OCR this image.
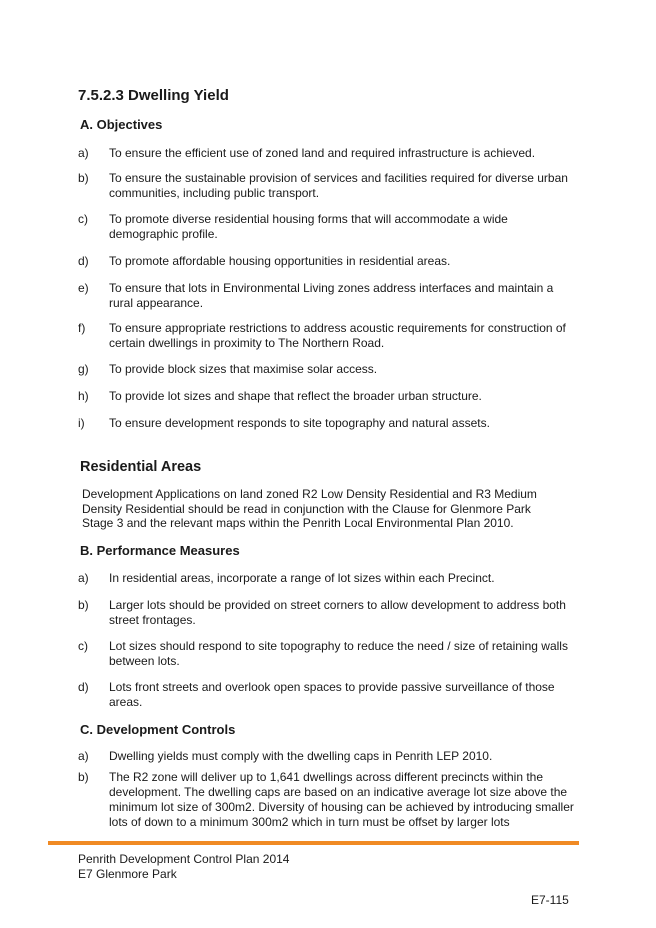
7.5.2.3 Dwelling Yield
A. Objectives
a) To ensure the efficient use of zoned land and required infrastructure is achieved.
b) To ensure the sustainable provision of services and facilities required for diverse urban communities, including public transport.
c) To promote diverse residential housing forms that will accommodate a wide demographic profile.
d) To promote affordable housing opportunities in residential areas.
e) To ensure that lots in Environmental Living zones address interfaces and maintain a rural appearance.
f) To ensure appropriate restrictions to address acoustic requirements for construction of certain dwellings in proximity to The Northern Road.
g) To provide block sizes that maximise solar access.
h) To provide lot sizes and shape that reflect the broader urban structure.
i) To ensure development responds to site topography and natural assets.
Residential Areas
Development Applications on land zoned R2 Low Density Residential and R3 Medium Density Residential should be read in conjunction with the Clause for Glenmore Park Stage 3 and the relevant maps within the Penrith Local Environmental Plan 2010.
B. Performance Measures
a) In residential areas, incorporate a range of lot sizes within each Precinct.
b) Larger lots should be provided on street corners to allow development to address both street frontages.
c) Lot sizes should respond to site topography to reduce the need / size of retaining walls between lots.
d) Lots front streets and overlook open spaces to provide passive surveillance of those areas.
C. Development Controls
a) Dwelling yields must comply with the dwelling caps in Penrith LEP 2010.
b) The R2 zone will deliver up to 1,641 dwellings across different precincts within the development. The dwelling caps are based on an indicative average lot size above the minimum lot size of 300m2. Diversity of housing can be achieved by introducing smaller lots of down to a minimum 300m2 which in turn must be offset by larger lots
Penrith Development Control Plan 2014
E7 Glenmore Park
E7-115
